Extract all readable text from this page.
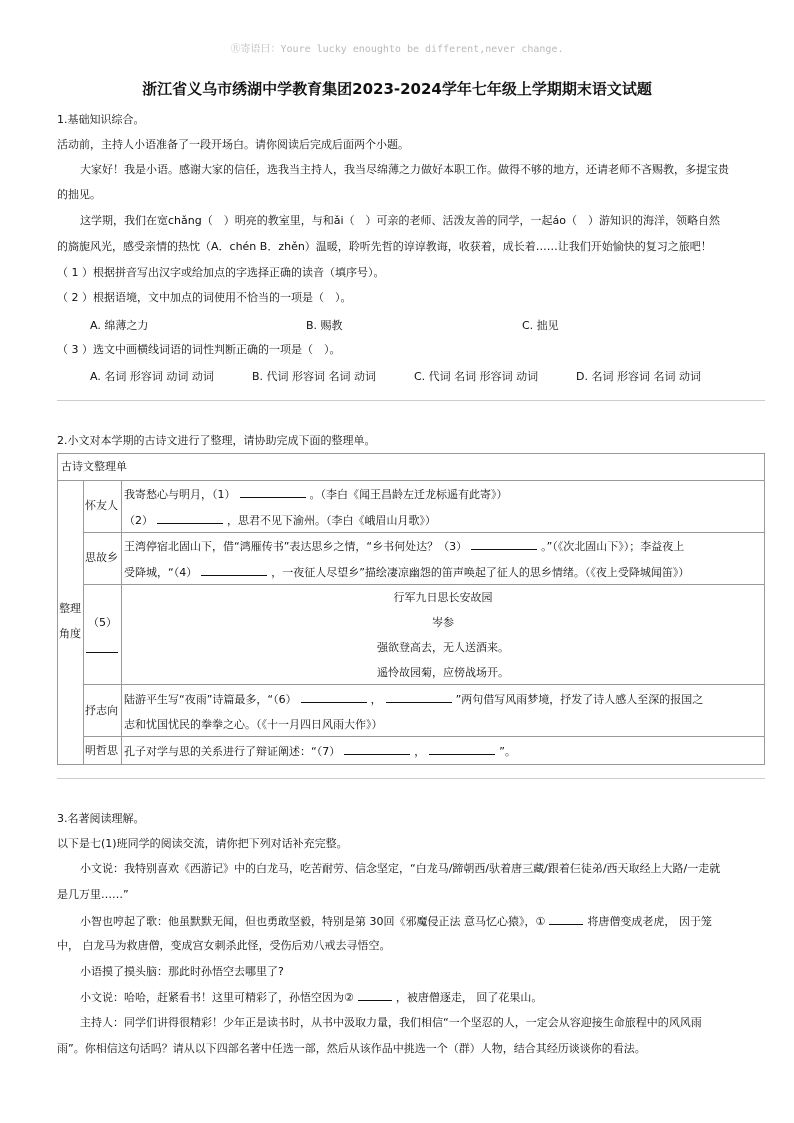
Ⓡ寄语曰：Youre lucky enoughto be different,never change.
浙江省义乌市绣湖中学教育集团2023-2024学年七年级上学期期末语文试题
1.基础知识综合。
活动前，主持人小语准备了一段开场白。请你阅读后完成后面两个小题。
大家好！我是小语。感谢大家的信任，选我当主持人，我当尽绵薄之力做好本职工作。做得不够的地方，还请老师不吝赐教，多提宝贵
的拙见。
这学期，我们在宽chǎng（　）明亮的教室里，与和ǎi（　）可亲的老师、活泼友善的同学，一起áo（　）游知识的海洋，领略自然
的旖旎风光，感受亲情的热忱（A．chén B．zhěn）温暖，聆听先哲的谆谆教诲，收获着，成长着……让我们开始愉快的复习之旅吧！
（ 1 ）根据拼音写出汉字或给加点的字选择正确的读音（填序号）。
（ 2 ）根据语境，文中加点的词使用不恰当的一项是（　）。
A. 绵薄之力	B. 赐教	C. 拙见
（ 3 ）选文中画横线词语的词性判断正确的一项是（　）。
A. 名词 形容词 动词 动词	B. 代词 形容词 名词 动词	C. 代词 名词 形容词 动词	D. 名词 形容词 名词 动词
2.小文对本学期的古诗文进行了整理，请协助完成下面的整理单。
古诗文整理单
整理
角度
怀友人
我寄愁心与明月，（1）	。（李白《闻王昌龄左迁龙标遥有此寄》）
（2）	，思君不见下渝州。（李白《峨眉山月歌》）
思故乡
王湾停宿北固山下，借“鸿雁传书”表达思乡之情，“乡书何处达？（3）	。”（《次北固山下》）；李益夜上
受降城，“（4）	，一夜征人尽望乡”描绘凄凉幽怨的笛声唤起了征人的思乡情绪。（《夜上受降城闻笛》）
（5）
行军九日思长安故园
岑参
强欲登高去，无人送酒来。
遥怜故园菊，应傍战场开。
抒志向
陆游平生写“夜雨”诗篇最多，“（6）	，	”两句借写风雨梦境，抒发了诗人感人至深的报国之
志和忧国忧民的拳拳之心。（《十一月四日风雨大作》）
明哲思 孔子对学与思的关系进行了辩证阐述：“（7）	，	”。
3.名著阅读理解。
以下是七(1)班同学的阅读交流，请你把下列对话补充完整。
小文说：我特别喜欢《西游记》中的白龙马，吃苦耐劳、信念坚定，“白龙马/蹄朝西/驮着唐三藏/跟着仨徒弟/西天取经上大路/一走就
是几万里……”
小智也哼起了歌：他虽默默无闻，但也勇敢坚毅，特别是第 30回《邪魔侵正法 意马忆心猿》，①	将唐僧变成老虎， 因于笼
中， 白龙马为救唐僧，变成宫女刺杀此怪，受伤后劝八戒去寻悟空。
小语摸了摸头脑：那此时孙悟空去哪里了?
小文说：哈哈，赶紧看书！这里可精彩了，孙悟空因为②	，被唐僧逐走， 回了花果山。
主持人：同学们讲得很精彩！少年正是读书时，从书中汲取力量，我们相信“一个坚忍的人，一定会从容迎接生命旅程中的风风雨
雨”。你相信这句话吗？请从以下四部名著中任选一部，然后从该作品中挑选一个（群）人物，结合其经历谈谈你的看法。
